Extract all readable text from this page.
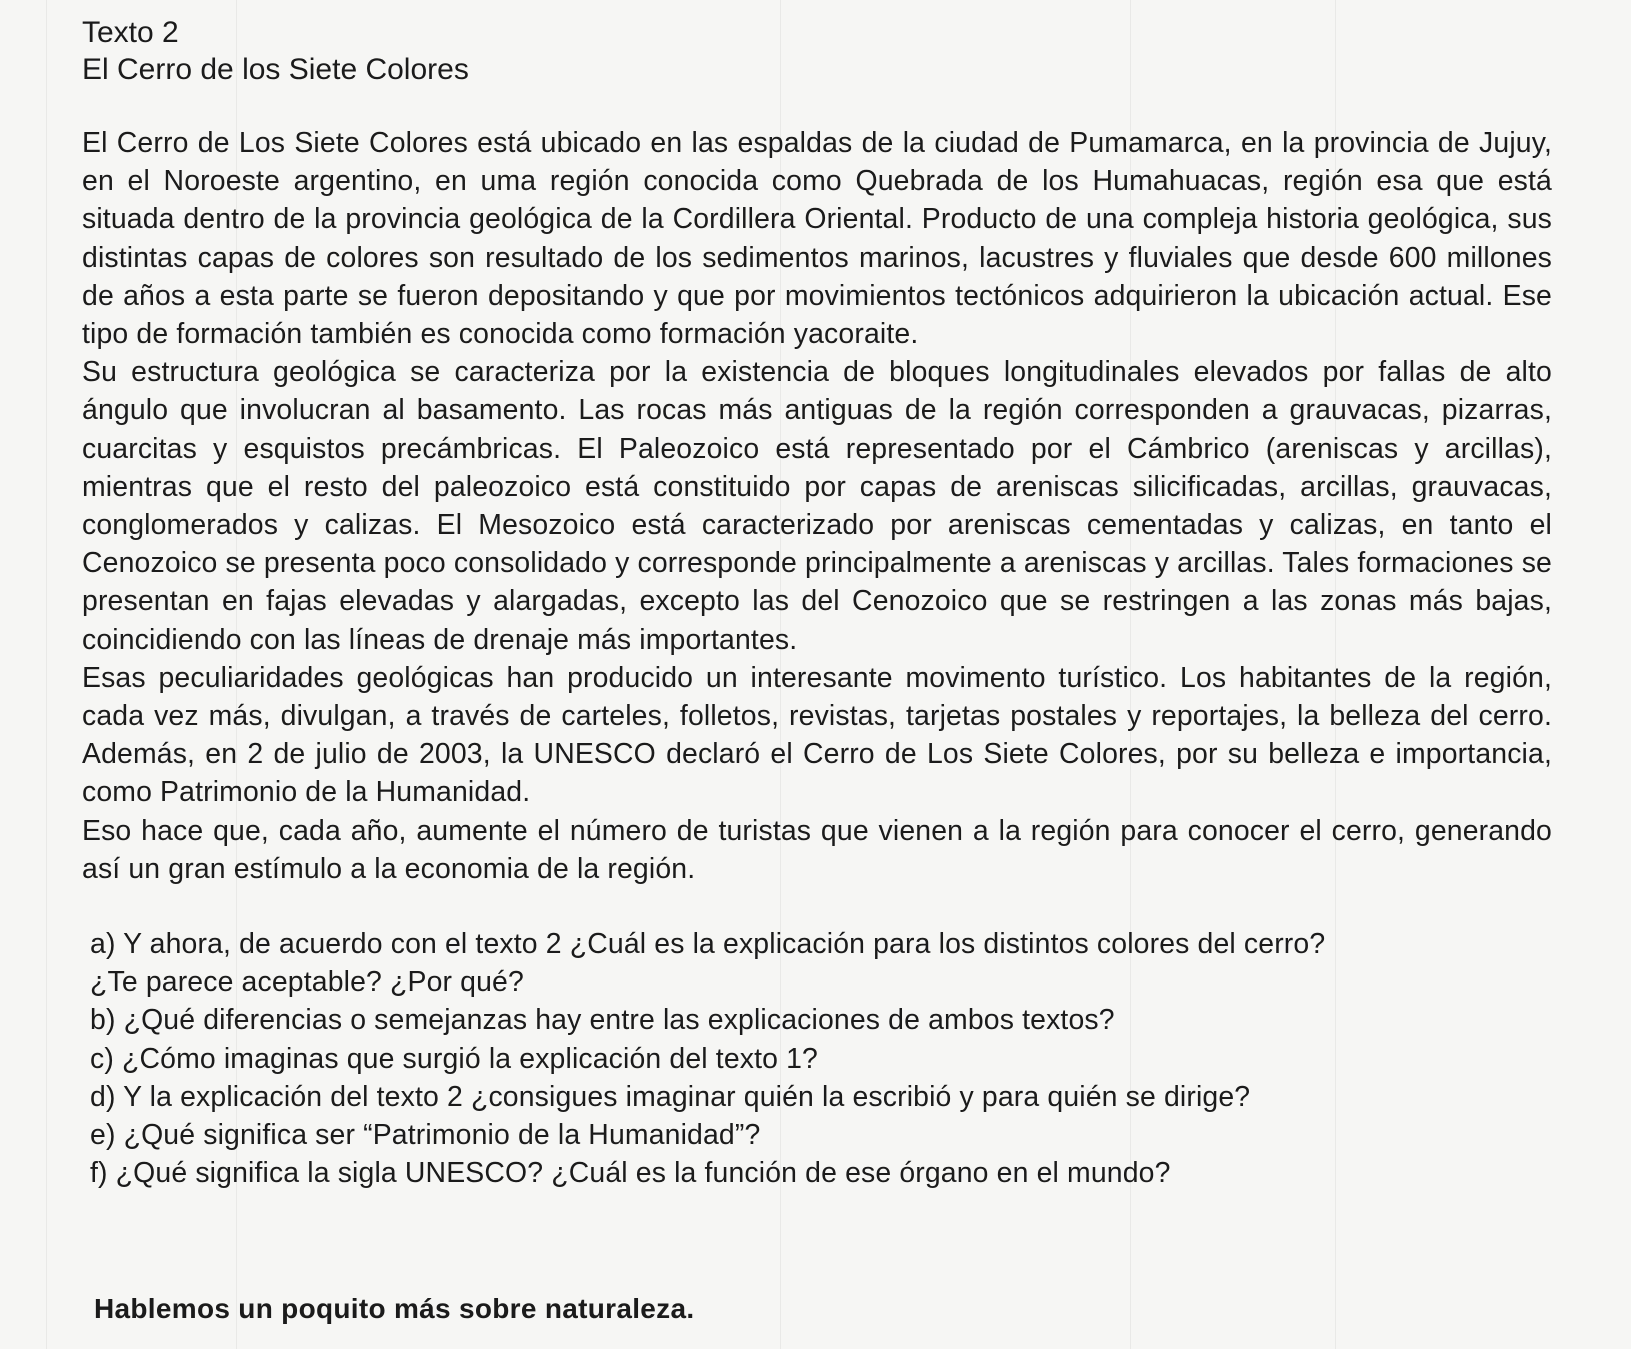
Texto 2
El Cerro de los Siete Colores

El Cerro de Los Siete Colores está ubicado en las espaldas de la ciudad de Pumamarca, en la provincia de Jujuy, en el Noroeste argentino, en uma región conocida como Quebrada de los Humahuacas, región esa que está situada dentro de la provincia geológica de la Cordillera Oriental. Producto de una compleja historia geológica, sus distintas capas de colores son resultado de los sedimentos marinos, lacustres y fluviales que desde 600 millones de años a esta parte se fueron depositando y que por movimientos tectónicos adquirieron la ubicación actual. Ese tipo de formación también es conocida como formación yacoraite.

Su estructura geológica se caracteriza por la existencia de bloques longitudinales elevados por fallas de alto ángulo que involucran al basamento. Las rocas más antiguas de la región corresponden a grauvacas, pizarras, cuarcitas y esquistos precámbricas. El Paleozoico está representado por el Cámbrico (areniscas y arcillas), mientras que el resto del paleozoico está constituido por capas de areniscas silicificadas, arcillas, grauvacas, conglomerados y calizas. El Mesozoico está caracterizado por areniscas cementadas y calizas, en tanto el Cenozoico se presenta poco consolidado y corresponde principalmente a areniscas y arcillas. Tales formaciones se presentan en fajas elevadas y alargadas, excepto las del Cenozoico que se restringen a las zonas más bajas, coincidiendo con las líneas de drenaje más importantes.

Esas peculiaridades geológicas han producido un interesante movimento turístico. Los habitantes de la región, cada vez más, divulgan, a través de carteles, folletos, revistas, tarjetas postales y reportajes, la belleza del cerro. Además, en 2 de julio de 2003, la UNESCO declaró el Cerro de Los Siete Colores, por su belleza e importancia, como Patrimonio de la Humanidad.

Eso hace que, cada año, aumente el número de turistas que vienen a la región para conocer el cerro, generando así un gran estímulo a la economia de la región.

a) Y ahora, de acuerdo con el texto 2 ¿Cuál es la explicación para los distintos colores del cerro?

¿Te parece aceptable? ¿Por qué?

b) ¿Qué diferencias o semejanzas hay entre las explicaciones de ambos textos?

c) ¿Cómo imaginas que surgió la explicación del texto 1?

d) Y la explicación del texto 2 ¿consigues imaginar quién la escribió y para quién se dirige?

e) ¿Qué significa ser “Patrimonio de la Humanidad”?

f) ¿Qué significa la sigla UNESCO? ¿Cuál es la función de ese órgano en el mundo?

Hablemos un poquito más sobre naturaleza.
